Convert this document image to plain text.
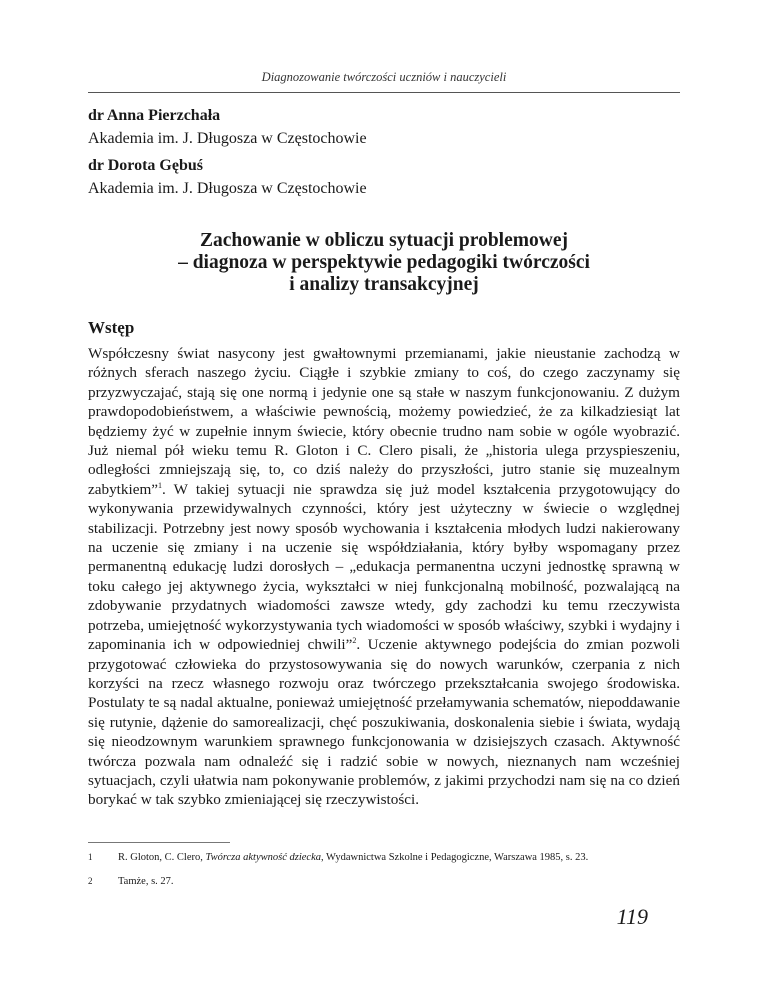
Diagnozowanie twórczości uczniów i nauczycieli
dr Anna Pierzchała
Akademia im. J. Długosza w Częstochowie
dr Dorota Gębuś
Akademia im. J. Długosza w Częstochowie
Zachowanie w obliczu sytuacji problemowej
– diagnoza w perspektywie pedagogiki twórczości
i analizy transakcyjnej
Wstęp
Współczesny świat nasycony jest gwałtownymi przemianami, jakie nieustanie zachodzą w różnych sferach naszego życiu. Ciągłe i szybkie zmiany to coś, do czego zaczynamy się przyzwyczajać, stają się one normą i jedynie one są stałe w naszym funkcjonowaniu. Z dużym prawdopodobieństwem, a właściwie pewnością, możemy powiedzieć, że za kilkadziesiąt lat będziemy żyć w zupełnie innym świecie, który obecnie trudno nam sobie w ogóle wyobrazić. Już niemal pół wieku temu R. Gloton i C. Clero pisali, że „historia ulega przyspieszeniu, odległości zmniejszają się, to, co dziś należy do przyszłości, jutro stanie się muzealnym zabytkiem”$^1$. W takiej sytuacji nie sprawdza się już model kształcenia przygotowujący do wykonywania przewidywalnych czynności, który jest użyteczny w świecie o względnej stabilizacji. Potrzebny jest nowy sposób wychowania i kształcenia młodych ludzi nakierowany na uczenie się zmiany i na uczenie się współdziałania, który byłby wspomagany przez permanentną edukację ludzi dorosłych – „edukacja permanentna uczyni jednostkę sprawną w toku całego jej aktywnego życia, wykształci w niej funkcjonalną mobilność, pozwalającą na zdobywanie przydatnych wiadomości zawsze wtedy, gdy zachodzi ku temu rzeczywista potrzeba, umiejętność wykorzystywania tych wiadomości w sposób właściwy, szybki i wydajny i zapominania ich w odpowiedniej chwili”$^2$. Uczenie aktywnego podejścia do zmian pozwoli przygotować człowieka do przystosowywania się do nowych warunków, czerpania z nich korzyści na rzecz własnego rozwoju oraz twórczego przekształcania swojego środowiska. Postulaty te są nadal aktualne, ponieważ umiejętność przełamywania schematów, niepoddawanie się rutynie, dążenie do samorealizacji, chęć poszukiwania, doskonalenia siebie i świata, wydają się nieodzownym warunkiem sprawnego funkcjonowania w dzisiejszych czasach. Aktywność twórcza pozwala nam odnaleźć się i radzić sobie w nowych, nieznanych nam wcześniej sytuacjach, czyli ułatwia nam pokonywanie problemów, z jakimi przychodzi nam się na co dzień borykać w tak szybko zmieniającej się rzeczywistości.
1 R. Gloton, C. Clero, Twórcza aktywność dziecka, Wydawnictwa Szkolne i Pedagogiczne, Warszawa 1985, s. 23.
2 Tamże, s. 27.
119
